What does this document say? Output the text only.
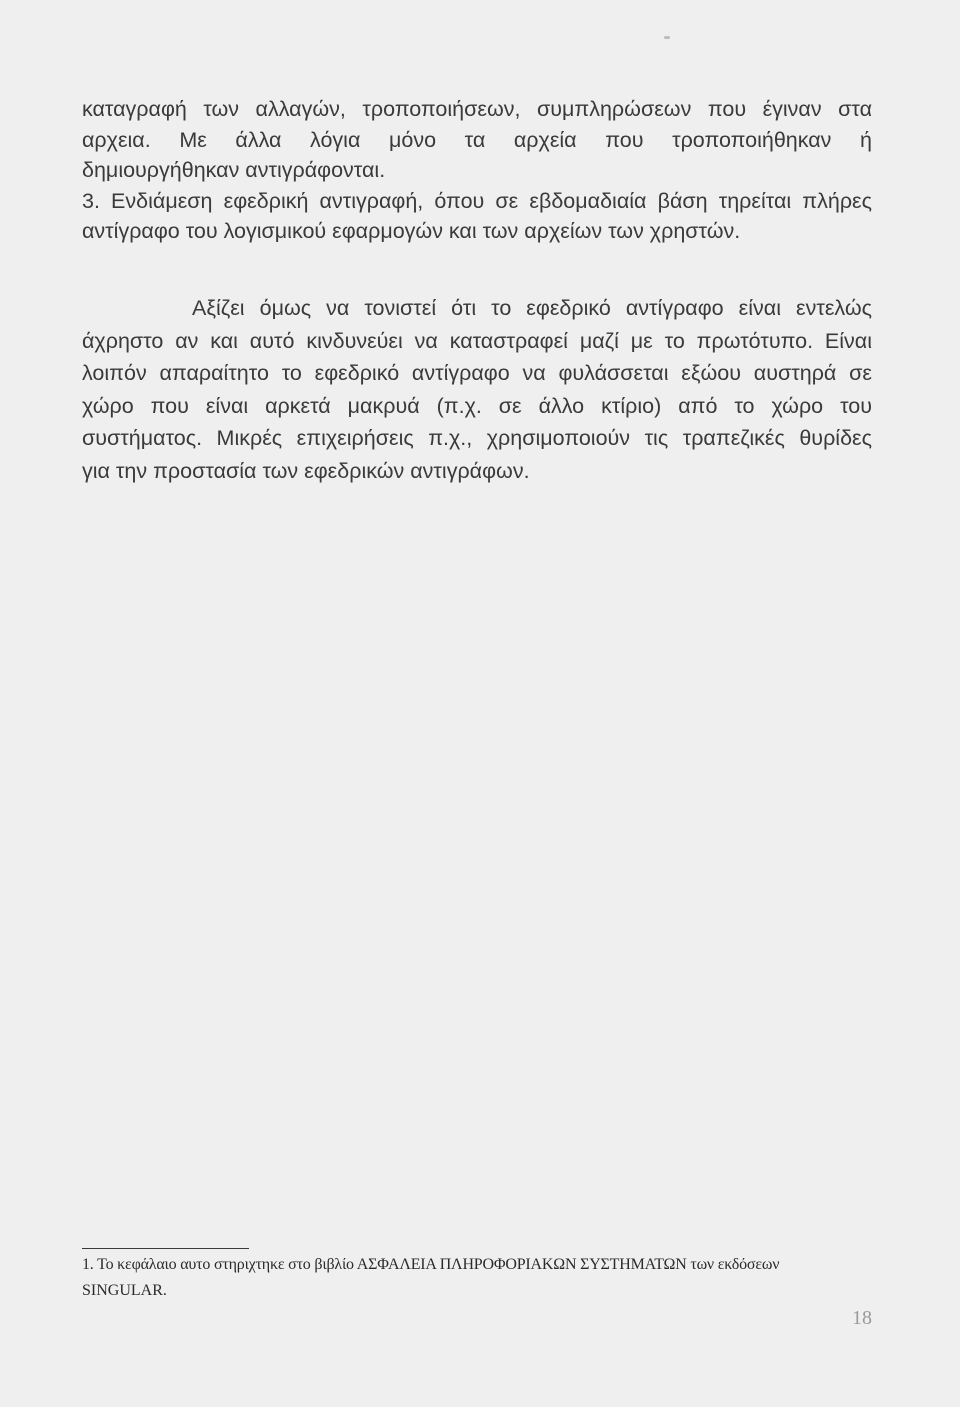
καταγραφή των αλλαγών, τροποποιήσεων, συμπληρώσεων που έγιναν στα
αρχεια. Με άλλα λόγια μόνο τα αρχεία που τροποποιήθηκαν ή
δημιουργήθηκαν αντιγράφονται.
3. Ενδιάμεση εφεδρική αντιγραφή, όπου σε εβδομαδιαία βάση τηρείται πλήρες
αντίγραφο του λογισμικού εφαρμογών και των αρχείων των χρηστών.
Αξίζει όμως να τονιστεί ότι το εφεδρικό αντίγραφο είναι εντελώς
άχρηστο αν και αυτό κινδυνεύει να καταστραφεί μαζί με το πρωτότυπο. Είναι
λοιπόν απαραίτητο το εφεδρικό αντίγραφο να φυλάσσεται εξώου αυστηρά σε
χώρο που είναι αρκετά μακρυά (π.χ. σε άλλο κτίριο) από το χώρο του
συστήματος. Μικρές επιχειρήσεις π.χ., χρησιμοποιούν τις τραπεζικές θυρίδες
για την προστασία των εφεδρικών αντιγράφων.
1. Το κεφάλαιο αυτο στηριχτηκε στο βιβλίο ΑΣΦΑΛΕΙΑ ΠΛΗΡΟΦΟΡΙΑΚΩΝ ΣΥΣΤΗΜΑΤΩΝ των εκδόσεων
SINGULAR.
18
